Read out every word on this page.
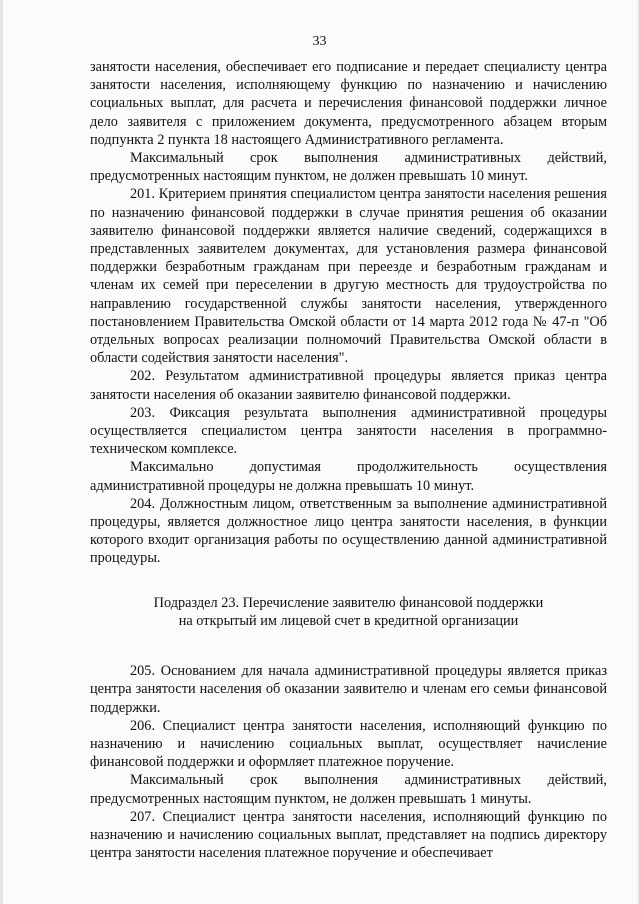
33

занятости населения, обеспечивает его подписание и передает специалисту центра занятости населения, исполняющему функцию по назначению и начислению социальных выплат, для расчета и перечисления финансовой поддержки личное дело заявителя с приложением документа, предусмотренного абзацем вторым подпункта 2 пункта 18 настоящего Административного регламента.

Максимальный срок выполнения административных действий, предусмотренных настоящим пунктом, не должен превышать 10 минут.

201. Критерием принятия специалистом центра занятости населения решения по назначению финансовой поддержки в случае принятия решения об оказании заявителю финансовой поддержки является наличие сведений, содержащихся в представленных заявителем документах, для установления размера финансовой поддержки безработным гражданам при переезде и безработным гражданам и членам их семей при переселении в другую местность для трудоустройства по направлению государственной службы занятости населения, утвержденного постановлением Правительства Омской области от 14 марта 2012 года № 47-п "Об отдельных вопросах реализации полномочий Правительства Омской области в области содействия занятости населения".

202. Результатом административной процедуры является приказ центра занятости населения об оказании заявителю финансовой поддержки.

203. Фиксация результата выполнения административной процедуры осуществляется специалистом центра занятости населения в программно-техническом комплексе.

Максимально допустимая продолжительность осуществления административной процедуры не должна превышать 10 минут.

204. Должностным лицом, ответственным за выполнение административной процедуры, является должностное лицо центра занятости населения, в функции которого входит организация работы по осуществлению данной административной процедуры.

Подраздел 23. Перечисление заявителю финансовой поддержки
на открытый им лицевой счет в кредитной организации

205. Основанием для начала административной процедуры является приказ центра занятости населения об оказании заявителю и членам его семьи финансовой поддержки.

206. Специалист центра занятости населения, исполняющий функцию по назначению и начислению социальных выплат, осуществляет начисление финансовой поддержки и оформляет платежное поручение.

Максимальный срок выполнения административных действий, предусмотренных настоящим пунктом, не должен превышать 1 минуты.

207. Специалист центра занятости населения, исполняющий функцию по назначению и начислению социальных выплат, представляет на подпись директору центра занятости населения платежное поручение и обеспечивает
